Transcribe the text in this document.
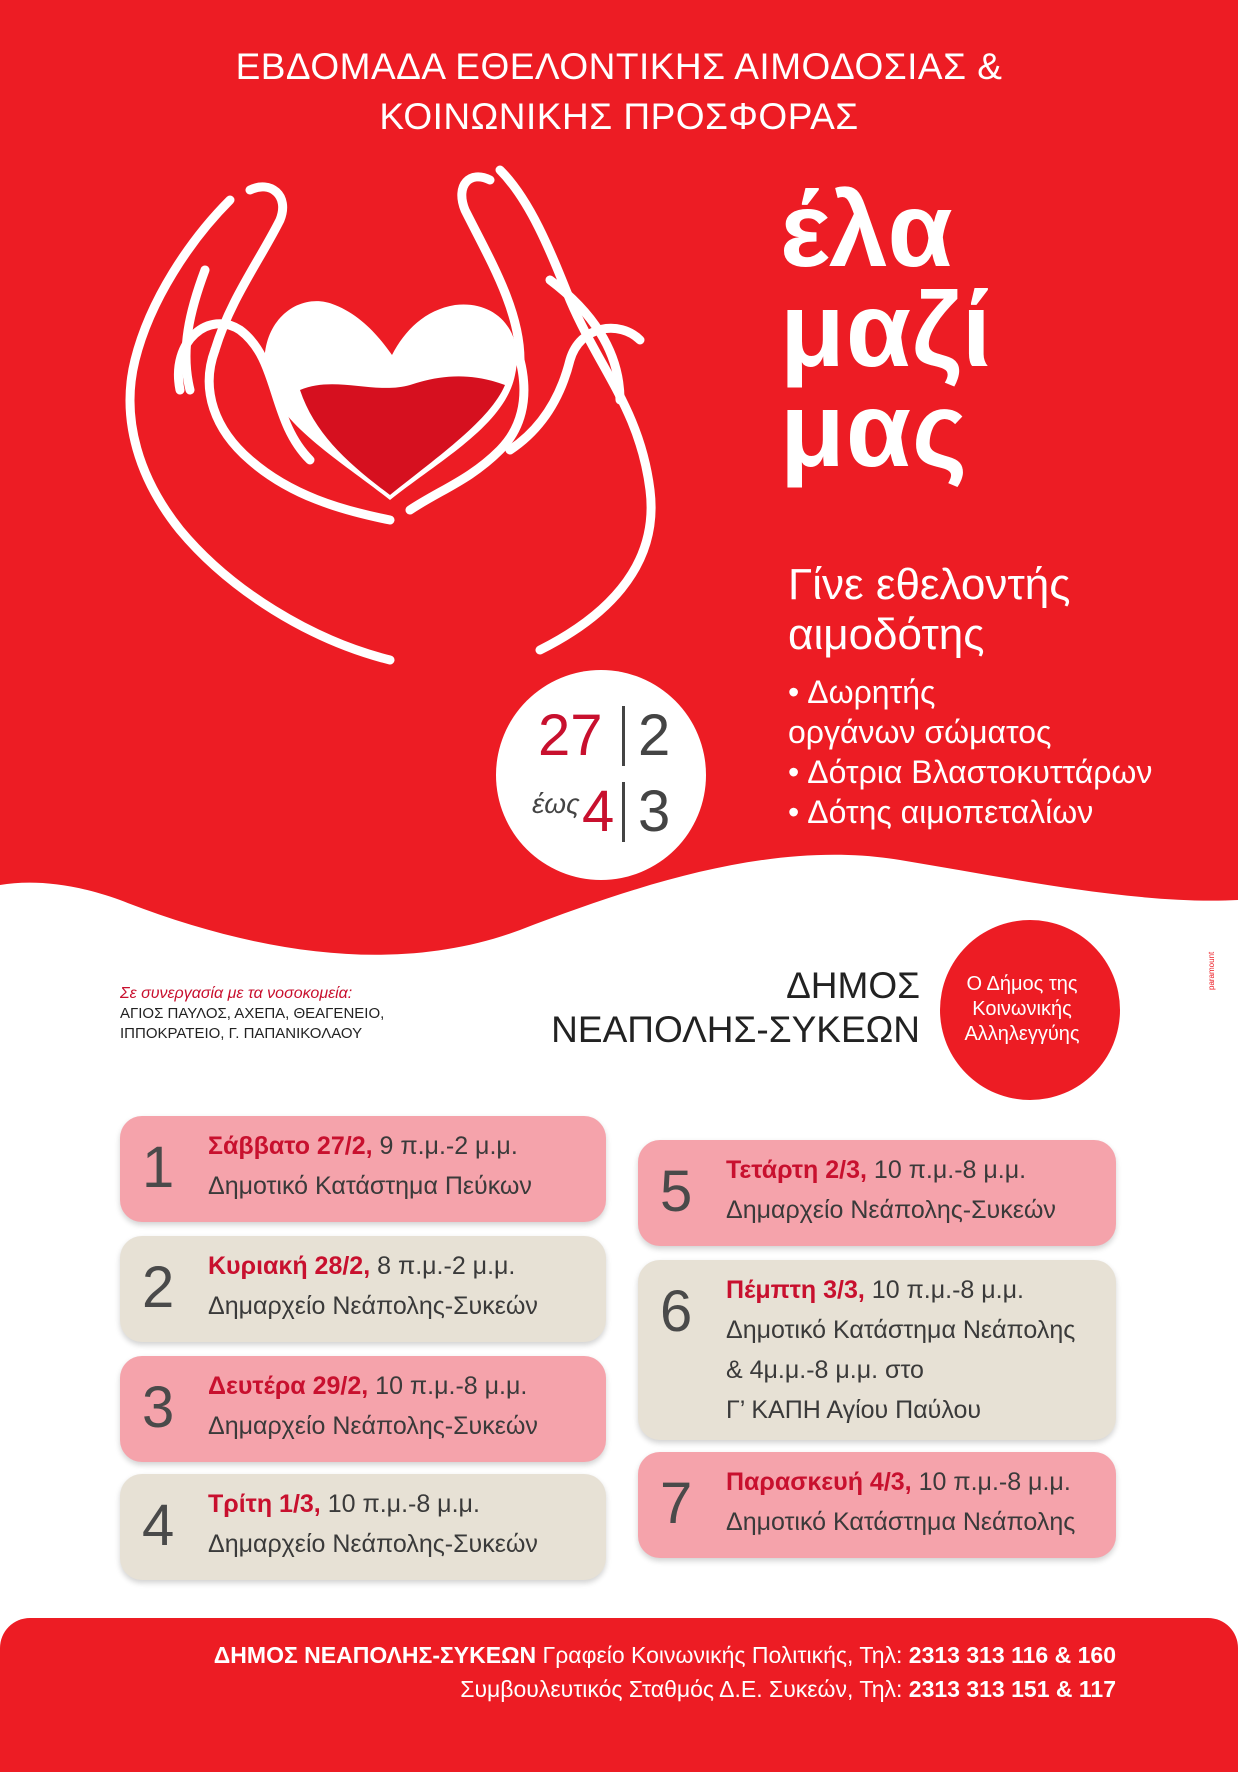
ΕΒΔΟΜΑΔΑ ΕΘΕΛΟΝΤΙΚΗΣ ΑΙΜΟΔΟΣΙΑΣ &
ΚΟΙΝΩΝΙΚΗΣ ΠΡΟΣΦΟΡΑΣ
έλα
μαζί
μας
Γίνε εθελοντής
αιμοδότης
• Δωρητής
οργάνων σώματος
• Δότρια Βλαστοκυττάρων
• Δότης αιμοπεταλίων
27 2
έως 4 3
Σε συνεργασία με τα νοσοκομεία:
ΑΓΙΟΣ ΠΑΥΛΟΣ, ΑΧΕΠΑ, ΘΕΑΓΕΝΕΙΟ,
ΙΠΠΟΚΡΑΤΕΙΟ, Γ. ΠΑΠΑΝΙΚΟΛΑΟΥ
ΔΗΜΟΣ
ΝΕΑΠΟΛΗΣ-ΣΥΚΕΩΝ
Ο Δήμος της
Κοινωνικής
Αλληλεγγύης
paramount
1 Σάββατο 27/2, 9 π.μ.-2 μ.μ.
Δημοτικό Κατάστημα Πεύκων
2 Κυριακή 28/2, 8 π.μ.-2 μ.μ.
Δημαρχείο Νεάπολης-Συκεών
3 Δευτέρα 29/2, 10 π.μ.-8 μ.μ.
Δημαρχείο Νεάπολης-Συκεών
4 Τρίτη 1/3, 10 π.μ.-8 μ.μ.
Δημαρχείο Νεάπολης-Συκεών
5 Τετάρτη 2/3, 10 π.μ.-8 μ.μ.
Δημαρχείο Νεάπολης-Συκεών
6 Πέμπτη 3/3, 10 π.μ.-8 μ.μ.
Δημοτικό Κατάστημα Νεάπολης
& 4μ.μ.-8 μ.μ. στο
Γ’ ΚΑΠΗ Αγίου Παύλου
7 Παρασκευή 4/3, 10 π.μ.-8 μ.μ.
Δημοτικό Κατάστημα Νεάπολης
ΔΗΜΟΣ ΝΕΑΠΟΛΗΣ-ΣΥΚΕΩΝ Γραφείο Κοινωνικής Πολιτικής, Τηλ: 2313 313 116 & 160
Συμβουλευτικός Σταθμός Δ.Ε. Συκεών, Τηλ: 2313 313 151 & 117
